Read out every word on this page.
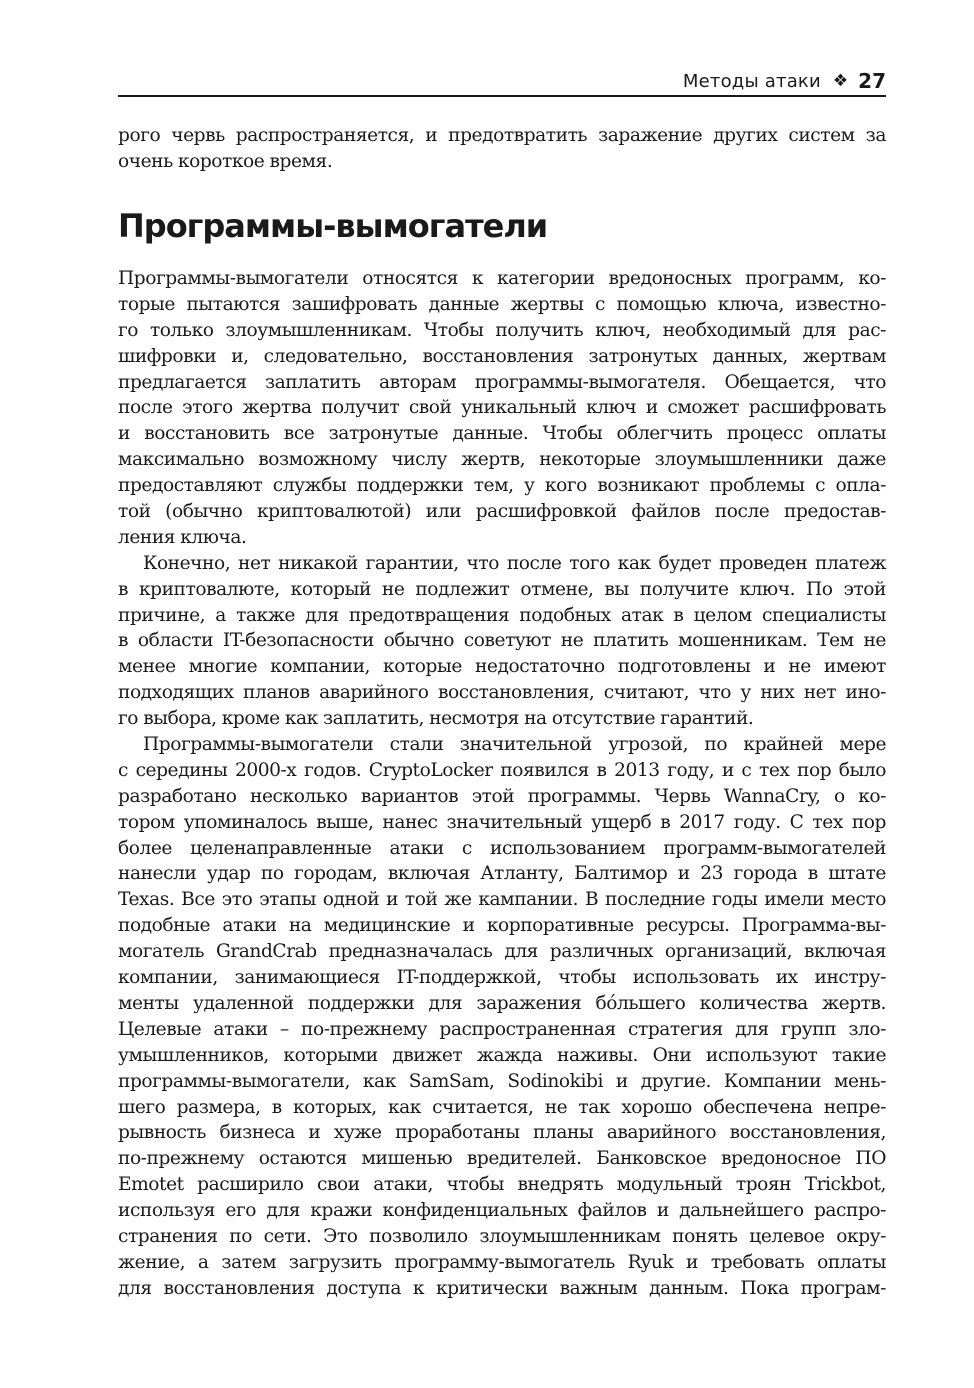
Методы атаки ❖ 27
рого червь распространяется, и предотвратить заражение других систем за
очень короткое время.
Программы-вымогатели
Программы-вымогатели относятся к категории вредоносных программ, ко-
торые пытаются зашифровать данные жертвы с помощью ключа, известно-
го только злоумышленникам. Чтобы получить ключ, необходимый для рас-
шифровки и, следовательно, восстановления затронутых данных, жертвам
предлагается заплатить авторам программы-вымогателя. Обещается, что
после этого жертва получит свой уникальный ключ и сможет расшифровать
и восстановить все затронутые данные. Чтобы облегчить процесс оплаты
максимально возможному числу жертв, некоторые злоумышленники даже
предоставляют службы поддержки тем, у кого возникают проблемы с опла-
той (обычно криптовалютой) или расшифровкой файлов после предостав-
ления ключа.
Конечно, нет никакой гарантии, что после того как будет проведен платеж
в криптовалюте, который не подлежит отмене, вы получите ключ. По этой
причине, а также для предотвращения подобных атак в целом специалисты
в области IT-безопасности обычно советуют не платить мошенникам. Тем не
менее многие компании, которые недостаточно подготовлены и не имеют
подходящих планов аварийного восстановления, считают, что у них нет ино-
го выбора, кроме как заплатить, несмотря на отсутствие гарантий.
Программы-вымогатели стали значительной угрозой, по крайней мере
с середины 2000-х годов. CryptoLocker появился в 2013 году, и с тех пор было
разработано несколько вариантов этой программы. Червь WannaCry, о ко-
тором упоминалось выше, нанес значительный ущерб в 2017 году. С тех пор
более целенаправленные атаки с использованием программ-вымогателей
нанесли удар по городам, включая Атланту, Балтимор и 23 города в штате
Texas. Все это этапы одной и той же кампании. В последние годы имели место
подобные атаки на медицинские и корпоративные ресурсы. Программа-вы-
могатель GrandCrab предназначалась для различных организаций, включая
компании, занимающиеся IT-поддержкой, чтобы использовать их инстру-
менты удаленной поддержки для заражения бóльшего количества жертв.
Целевые атаки – по-прежнему распространенная стратегия для групп зло-
умышленников, которыми движет жажда наживы. Они используют такие
программы-вымогатели, как SamSam, Sodinokibi и другие. Компании мень-
шего размера, в которых, как считается, не так хорошо обеспечена непре-
рывность бизнеса и хуже проработаны планы аварийного восстановления,
по-прежнему остаются мишенью вредителей. Банковское вредоносное ПО
Emotet расширило свои атаки, чтобы внедрять модульный троян Trickbot,
используя его для кражи конфиденциальных файлов и дальнейшего распро-
странения по сети. Это позволило злоумышленникам понять целевое окру-
жение, а затем загрузить программу-вымогатель Ryuk и требовать оплаты
для восстановления доступа к критически важным данным. Пока програм-
